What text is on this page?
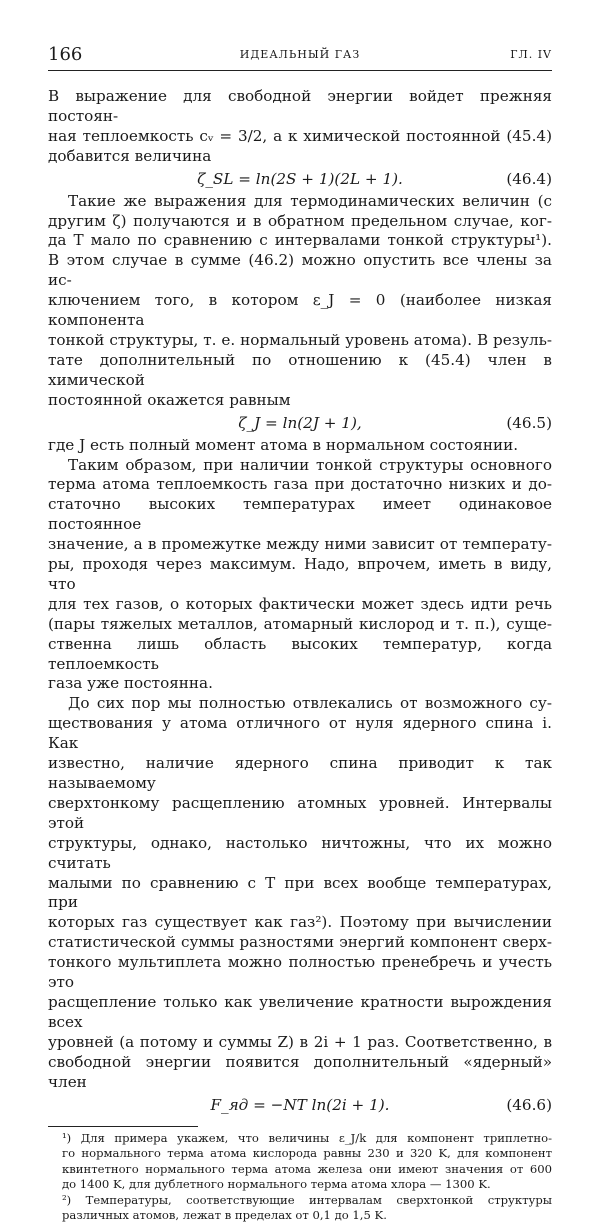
166	ИДЕАЛЬНЫЙ ГАЗ	ГЛ. IV

В выражение для свободной энергии войдет прежняя постоян-

ная теплоемкость cᵥ = 3/2, а к химической постоянной (45.4)

добавится величина

ζ_SL = ln(2S + 1)(2L + 1).	(46.4)

Такие же выражения для термодинамических величин (с

другим ζ) получаются и в обратном предельном случае, ког-

да T мало по сравнению с интервалами тонкой структуры¹).

В этом случае в сумме (46.2) можно опустить все члены за ис-

ключением того, в котором ε_J = 0 (наиболее низкая компонента

тонкой структуры, т. е. нормальный уровень атома). В резуль-

тате дополнительный по отношению к (45.4) член в химической

постоянной окажется равным

ζ_J = ln(2J + 1),	(46.5)

где J есть полный момент атома в нормальном состоянии.

Таким образом, при наличии тонкой структуры основного

терма атома теплоемкость газа при достаточно низких и до-

статочно высоких температурах имеет одинаковое постоянное

значение, а в промежутке между ними зависит от температу-

ры, проходя через максимум. Надо, впрочем, иметь в виду, что

для тех газов, о которых фактически может здесь идти речь

(пары тяжелых металлов, атомарный кислород и т. п.), суще-

ственна лишь область высоких температур, когда теплоемкость

газа уже постоянна.

До сих пор мы полностью отвлекались от возможного су-

ществования у атома отличного от нуля ядерного спина i. Как

известно, наличие ядерного спина приводит к так называемому

сверхтонкому расщеплению атомных уровней. Интервалы этой

структуры, однако, настолько ничтожны, что их можно считать

малыми по сравнению с T при всех вообще температурах, при

которых газ существует как газ²). Поэтому при вычислении

статистической суммы разностями энергий компонент сверх-

тонкого мультиплета можно полностью пренебречь и учесть это

расщепление только как увеличение кратности вырождения всех

уровней (а потому и суммы Z) в 2i + 1 раз. Соответственно, в

свободной энергии появится дополнительный «ядерный» член

F_яд = −NT ln(2i + 1).	(46.6)

¹) Для примера укажем, что величины ε_J/k для компонент триплетно-

го нормального терма атома кислорода равны 230 и 320 K, для компонент

квинтетного нормального терма атома железа они имеют значения от 600

до 1400 K, для дублетного нормального терма атома хлора — 1300 K.

²) Температуры, соответствующие интервалам сверхтонкой структуры

различных атомов, лежат в пределах от 0,1 до 1,5 K.
